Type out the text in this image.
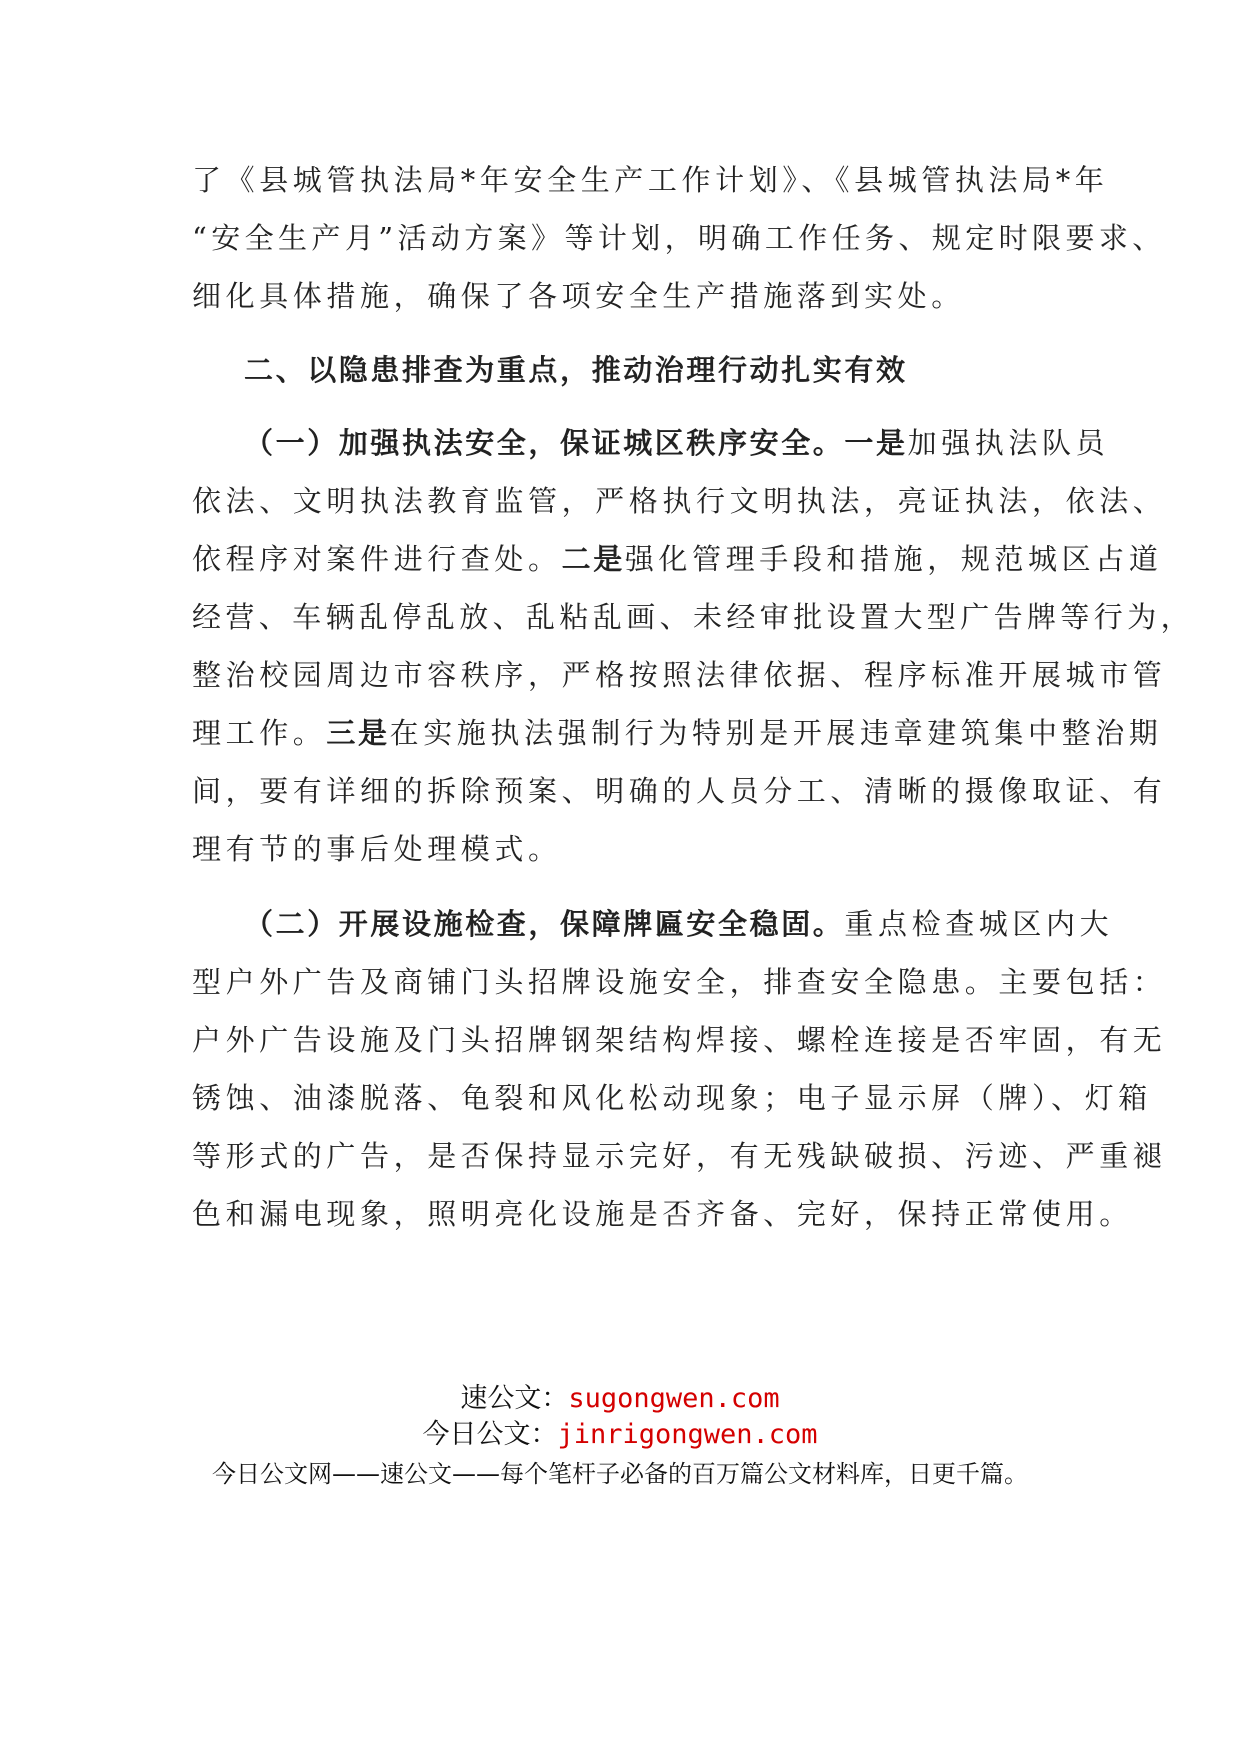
了《县城管执法局*年安全生产工作计划》、《县城管执法局*年
“安全生产月”活动方案》等计划，明确工作任务、规定时限要求、
细化具体措施，确保了各项安全生产措施落到实处。
二、以隐患排查为重点，推动治理行动扎实有效
（一）加强执法安全，保证城区秩序安全。一是加强执法队员
依法、文明执法教育监管，严格执行文明执法，亮证执法，依法、
依程序对案件进行查处。二是强化管理手段和措施，规范城区占道
经营、车辆乱停乱放、乱粘乱画、未经审批设置大型广告牌等行为，
整治校园周边市容秩序，严格按照法律依据、程序标准开展城市管
理工作。三是在实施执法强制行为特别是开展违章建筑集中整治期
间，要有详细的拆除预案、明确的人员分工、清晰的摄像取证、有
理有节的事后处理模式。
（二）开展设施检查，保障牌匾安全稳固。重点检查城区内大
型户外广告及商铺门头招牌设施安全，排查安全隐患。主要包括：
户外广告设施及门头招牌钢架结构焊接、螺栓连接是否牢固，有无
锈蚀、油漆脱落、龟裂和风化松动现象；电子显示屏（牌）、灯箱
等形式的广告，是否保持显示完好，有无残缺破损、污迹、严重褪
色和漏电现象，照明亮化设施是否齐备、完好，保持正常使用。
速公文：sugongwen.com
今日公文：jinrigongwen.com
今日公文网——速公文——每个笔杆子必备的百万篇公文材料库，日更千篇。
